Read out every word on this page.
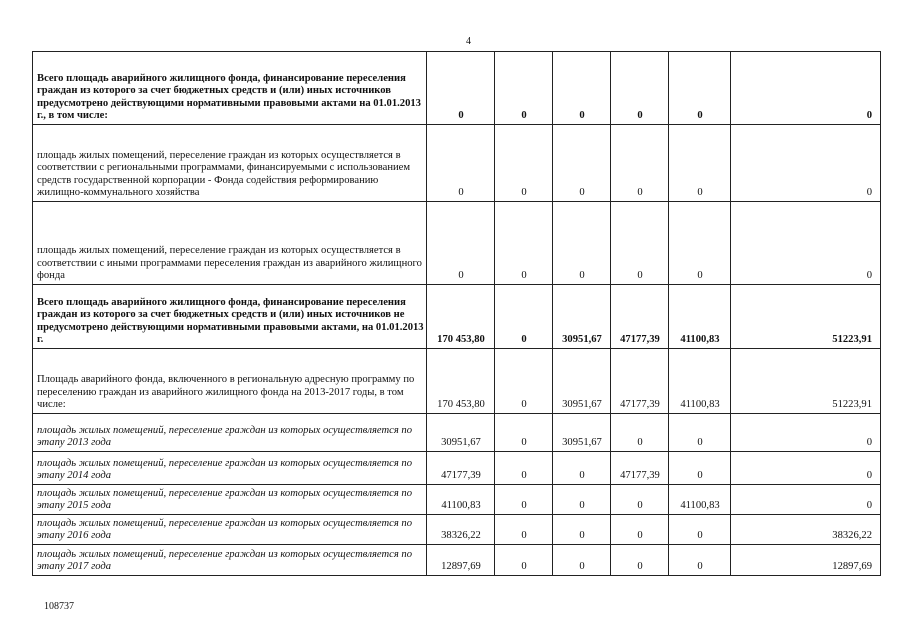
4
Всего площадь аварийного жилищного фонда, финансирование переселения граждан из которого за счет бюджетных средств и (или) иных источников предусмотрено действующими нормативными правовыми актами на 01.01.2013 г., в том числе:	0	0	0	0	0	0
площадь жилых помещений, переселение граждан из которых осуществляется в соответствии с региональными программами, финансируемыми с использованием средств государственной корпорации - Фонда содействия реформированию жилищно-коммунального хозяйства	0	0	0	0	0	0
площадь жилых помещений, переселение граждан из которых осуществляется в соответствии с иными программами переселения граждан из аварийного жилищного фонда	0	0	0	0	0	0
Всего площадь аварийного жилищного фонда, финансирование переселения граждан из которого за счет бюджетных средств и (или) иных источников не предусмотрено действующими нормативными правовыми актами, на 01.01.2013 г.	170 453,80	0	30951,67	47177,39	41100,83	51223,91
Площадь аварийного фонда, включенного в региональную адресную программу по переселению граждан из аварийного жилищного фонда на 2013-2017 годы, в том числе:	170 453,80	0	30951,67	47177,39	41100,83	51223,91
площадь жилых помещений, переселение граждан из которых осуществляется по этапу 2013 года	30951,67	0	30951,67	0	0	0
площадь жилых помещений, переселение граждан из которых осуществляется по этапу 2014 года	47177,39	0	0	47177,39	0	0
площадь жилых помещений, переселение граждан из которых осуществляется по этапу 2015 года	41100,83	0	0	0	41100,83	0
площадь жилых помещений, переселение граждан из которых осуществляется по этапу 2016 года	38326,22	0	0	0	0	38326,22
площадь жилых помещений, переселение граждан из которых осуществляется по этапу 2017 года	12897,69	0	0	0	0	12897,69
108737
